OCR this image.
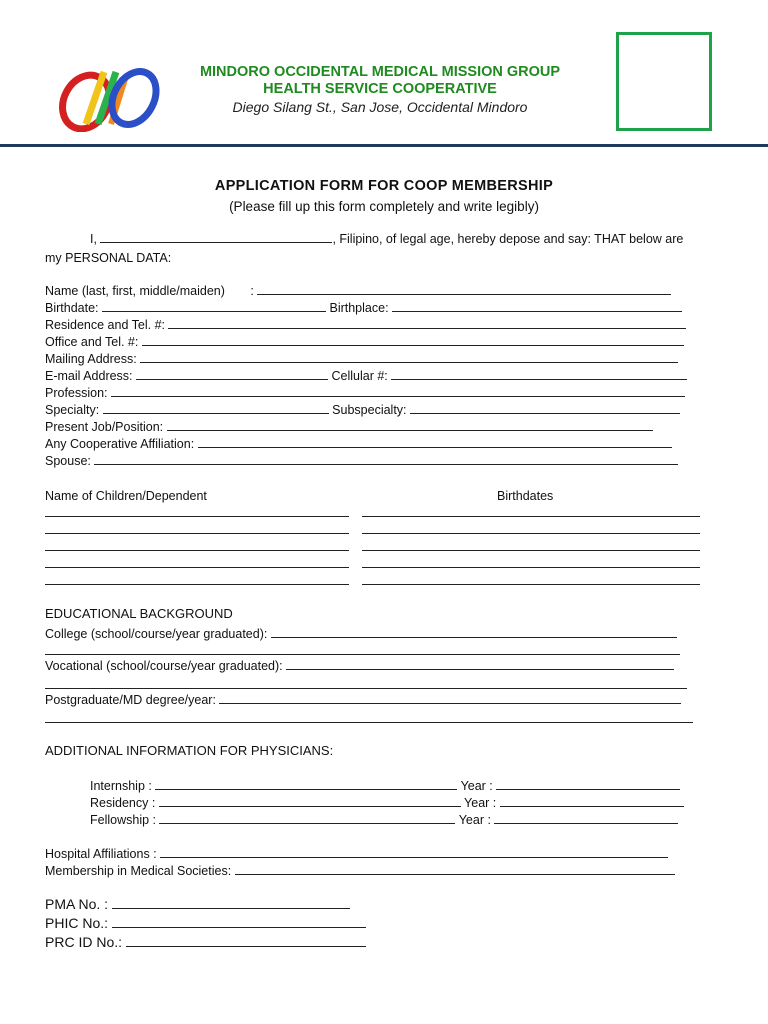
MINDORO OCCIDENTAL MEDICAL MISSION GROUP
HEALTH SERVICE COOPERATIVE
Diego Silang St., San Jose, Occidental Mindoro
APPLICATION FORM FOR COOP MEMBERSHIP
(Please fill up this form completely and write legibly)
I,	, Filipino, of legal age, hereby depose and say: THAT below are
my PERSONAL DATA:
Name (last, first, middle/maiden) :
Birthdate:	Birthplace:
Residence and Tel. #:
Office and Tel. #:
Mailing Address:
E-mail Address:	Cellular #:
Profession:
Specialty:	Subspecialty:
Present Job/Position:
Any Cooperative Affiliation:
Spouse:
Name of Children/Dependent	Birthdates
EDUCATIONAL BACKGROUND
College (school/course/year graduated):
Vocational (school/course/year graduated):
Postgraduate/MD degree/year:
ADDITIONAL INFORMATION FOR PHYSICIANS:
Internship :	Year :
Residency :	Year :
Fellowship :	Year :
Hospital Affiliations :
Membership in Medical Societies:
PMA No. :
PHIC No.:
PRC ID No.:
